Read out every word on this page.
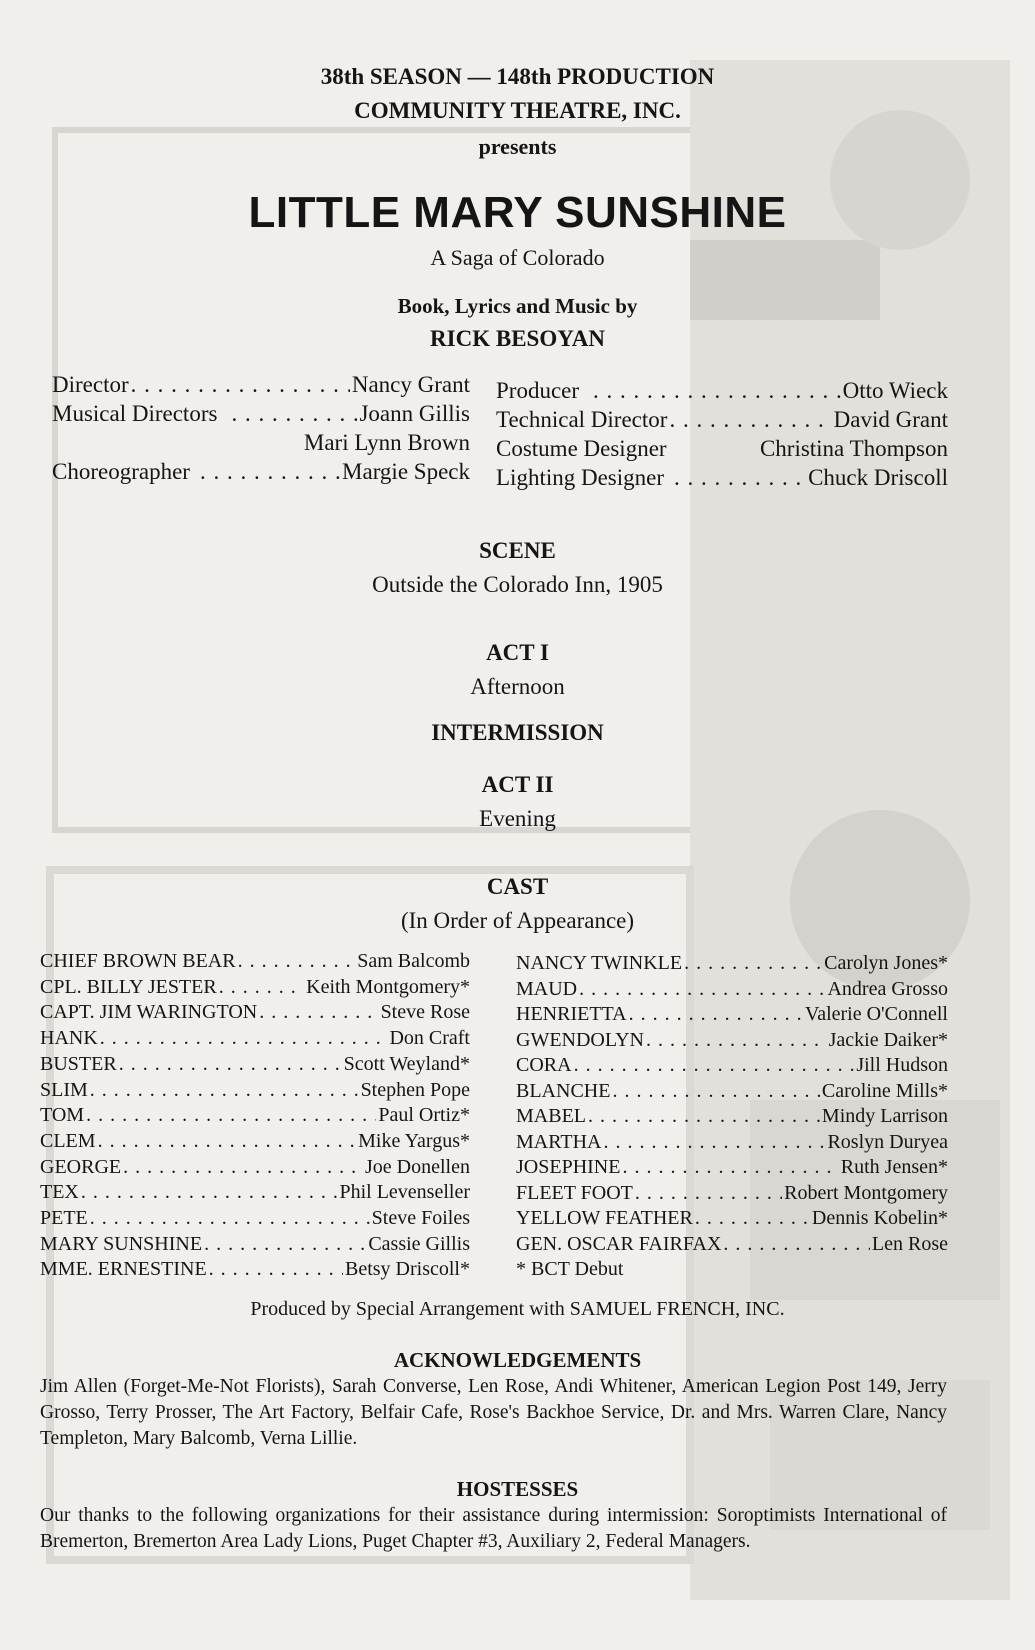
38th SEASON — 148th PRODUCTION
COMMUNITY THEATRE, INC.
presents
LITTLE MARY SUNSHINE
A Saga of Colorado
Book, Lyrics and Music by
RICK BESOYAN
Director . . .	Nancy Grant
Musical Directors . . .	Joann Gillis
Mari Lynn Brown
Choreographer . . .	Margie Speck
Producer . . .	Otto Wieck
Technical Director . . .	David Grant
Costume Designer	Christina Thompson
Lighting Designer . . .	Chuck Driscoll
SCENE
Outside the Colorado Inn, 1905
ACT I
Afternoon
INTERMISSION
ACT II
Evening
CAST
(In Order of Appearance)
CHIEF BROWN BEAR . . .	Sam Balcomb
CPL. BILLY JESTER . . .	Keith Montgomery*
CAPT. JIM WARINGTON . . .	Steve Rose
HANK . . .	Don Craft
BUSTER . . .	Scott Weyland*
SLIM . . .	Stephen Pope
TOM . . .	Paul Ortiz*
CLEM . . .	Mike Yargus*
GEORGE . . .	Joe Donellen
TEX . . .	Phil Levenseller
PETE . . .	Steve Foiles
MARY SUNSHINE . . .	Cassie Gillis
MME. ERNESTINE . . .	Betsy Driscoll*
NANCY TWINKLE . . .	Carolyn Jones*
MAUD . . .	Andrea Grosso
HENRIETTA . . .	Valerie O'Connell
GWENDOLYN . . .	Jackie Daiker*
CORA . . .	Jill Hudson
BLANCHE . . .	Caroline Mills*
MABEL . . .	Mindy Larrison
MARTHA . . .	Roslyn Duryea
JOSEPHINE . . .	Ruth Jensen*
FLEET FOOT . . .	Robert Montgomery
YELLOW FEATHER . . .	Dennis Kobelin*
GEN. OSCAR FAIRFAX . . .	Len Rose
* BCT Debut
Produced by Special Arrangement with SAMUEL FRENCH, INC.
ACKNOWLEDGEMENTS
Jim Allen (Forget-Me-Not Florists), Sarah Converse, Len Rose, Andi Whitener, American Legion Post 149, Jerry Grosso, Terry Prosser, The Art Factory, Belfair Cafe, Rose's Backhoe Service, Dr. and Mrs. Warren Clare, Nancy Templeton, Mary Balcomb, Verna Lillie.
HOSTESSES
Our thanks to the following organizations for their assistance during intermission: Soroptimists International of Bremerton, Bremerton Area Lady Lions, Puget Chapter #3, Auxiliary 2, Federal Managers.
